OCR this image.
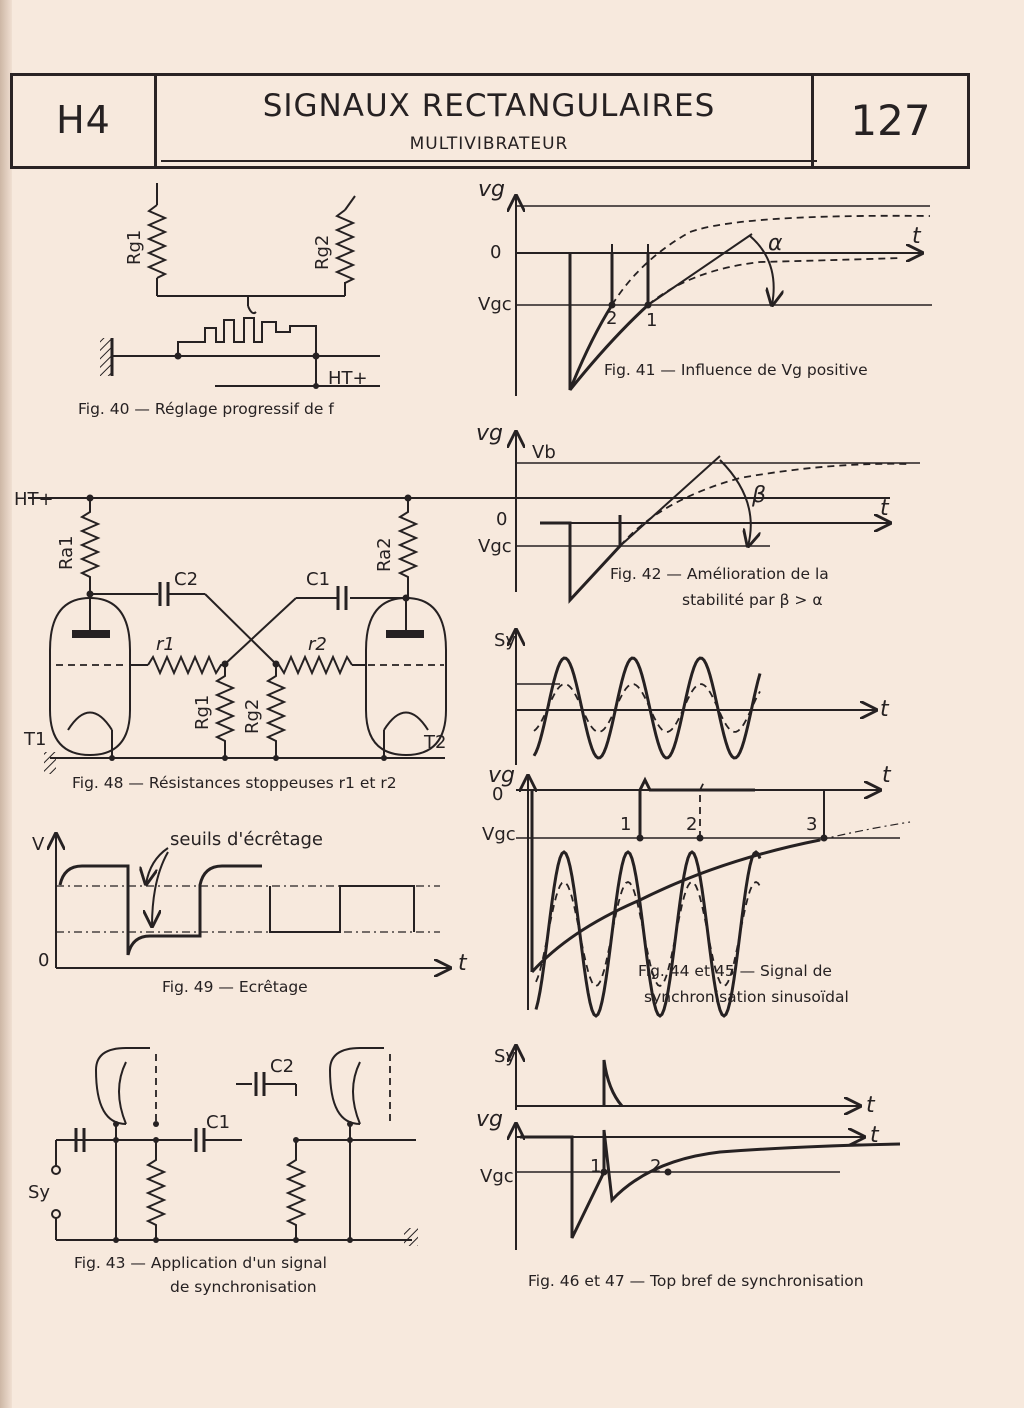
H4	SIGNAUX RECTANGULAIRES
MULTIVIBRATEUR	127
Rg1	Rg2
HT+
Fig. 40 — Réglage progressif de f
vg
0
t
Vgc
2 1
α
Fig. 41 — Influence de Vg positive
vg
Vb
0	t
Vgc
β
Fig. 42 — Amélioration de la
stabilité par β > α
HT+
Ra1	Ra2
C2	C1
r1	r2
Rg1 Rg2
T1	T2
Fig. 48 — Résistances stoppeuses r1 et r2
Sy
t
vg
0
t
Vgc	1	2	3
Fig. 44 et 45 — Signal de
synchronisation sinusoïdal
V
t
0
seuils d'écrêtage
Fig. 49 — Ecrêtage
C1
C2
Sy
Fig. 43 — Application d'un signal
de synchronisation
Sy
t
vg
t
Vgc	1	2
Fig. 46 et 47 — Top bref de synchronisation
